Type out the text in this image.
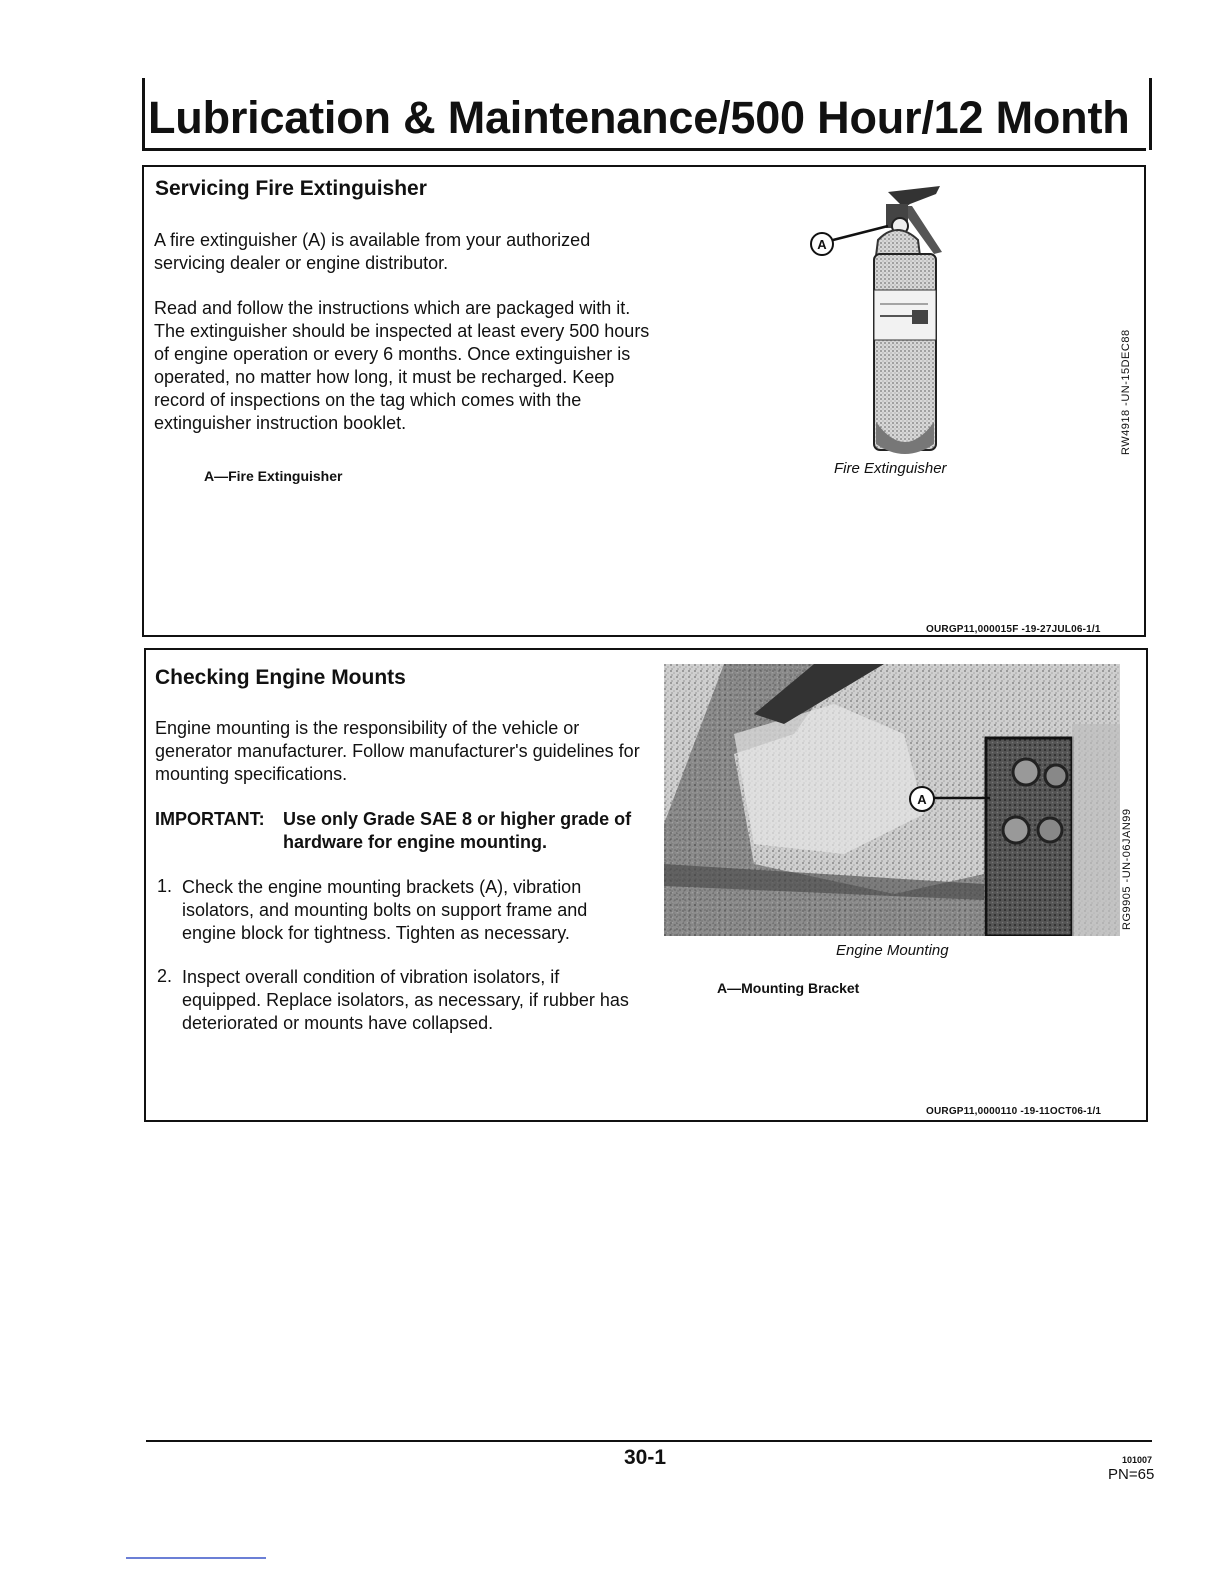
Lubrication & Maintenance/500 Hour/12 Month
Servicing Fire Extinguisher
A fire extinguisher (A) is available from your authorized servicing dealer or engine distributor.
Read and follow the instructions which are packaged with it. The extinguisher should be inspected at least every 500 hours of engine operation or every 6 months. Once extinguisher is operated, no matter how long, it must be recharged. Keep record of inspections on the tag which comes with the extinguisher instruction booklet.
A—Fire Extinguisher
A
Fire Extinguisher
RW4918 -UN-15DEC88
OURGP11,000015F -19-27JUL06-1/1
Checking Engine Mounts
Engine mounting is the responsibility of the vehicle or generator manufacturer. Follow manufacturer's guidelines for mounting specifications.
IMPORTANT: Use only Grade SAE 8 or higher grade of hardware for engine mounting.
1. Check the engine mounting brackets (A), vibration isolators, and mounting bolts on support frame and engine block for tightness. Tighten as necessary.
2. Inspect overall condition of vibration isolators, if equipped. Replace isolators, as necessary, if rubber has deteriorated or mounts have collapsed.
A
Engine Mounting
RG9905 -UN-06JAN99
A—Mounting Bracket
OURGP11,0000110 -19-11OCT06-1/1
30-1	101007
PN=65
